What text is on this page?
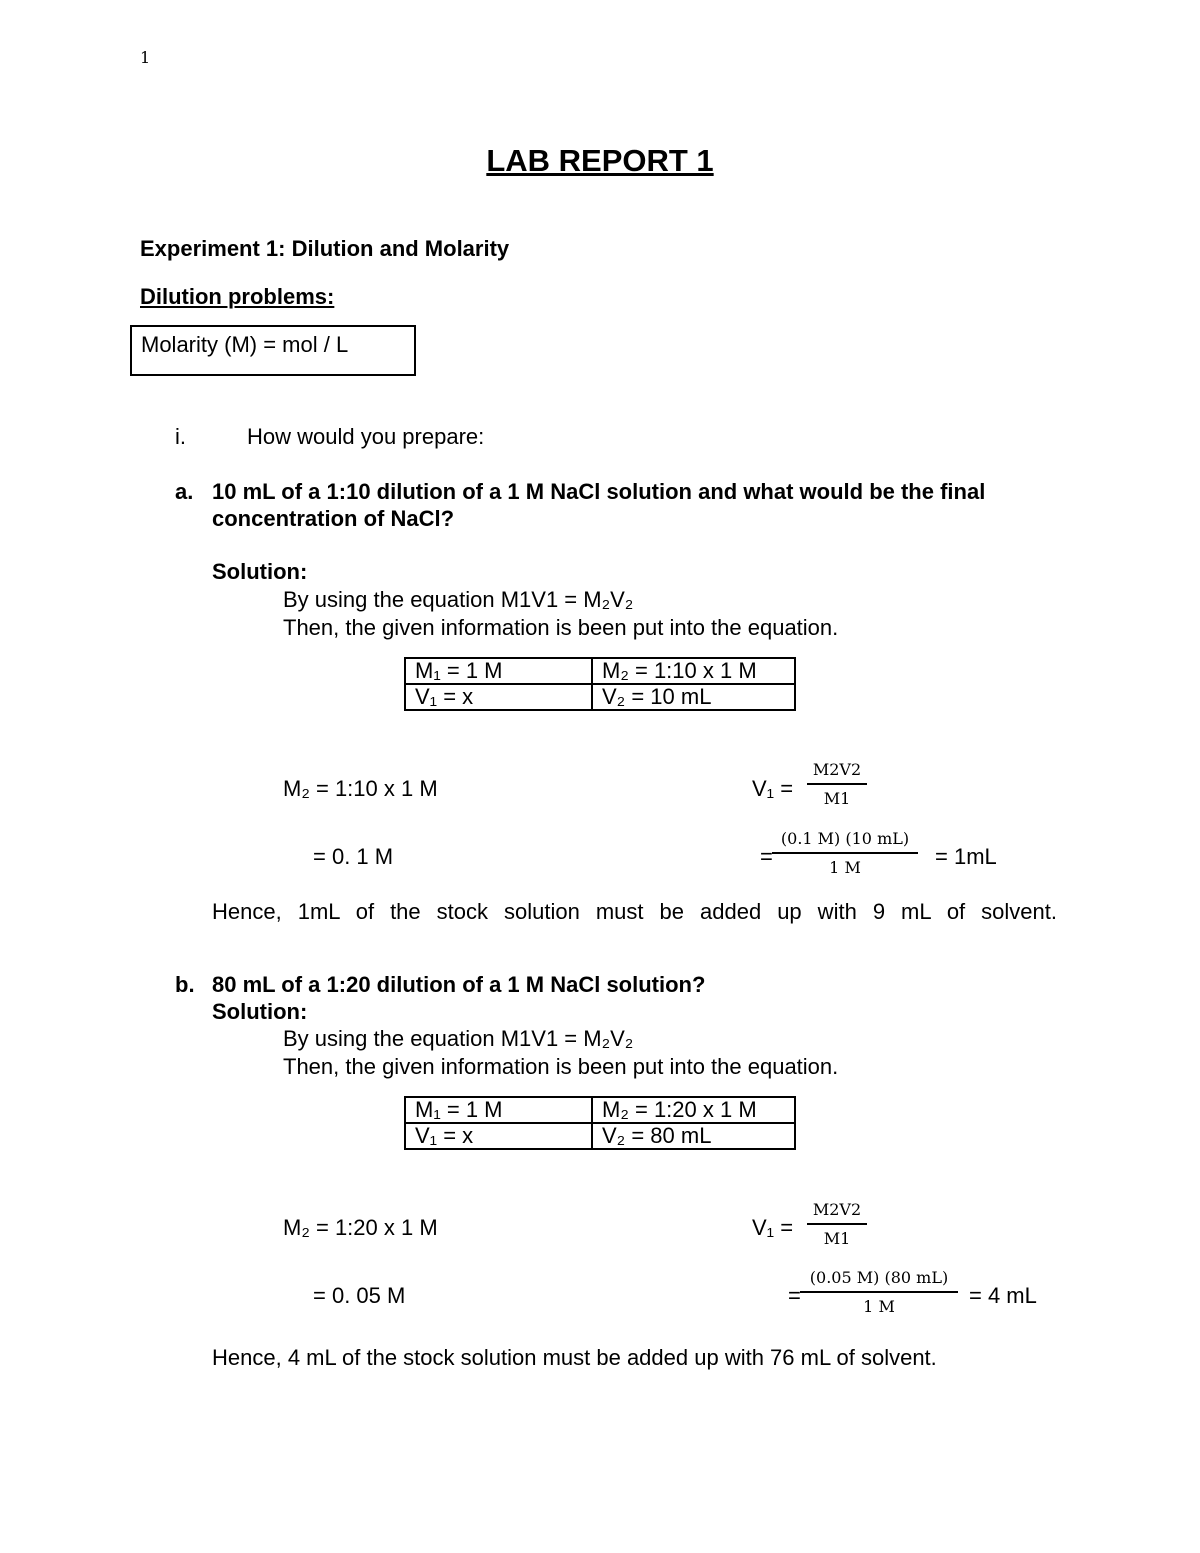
1
LAB REPORT 1
Experiment 1: Dilution and Molarity
Dilution problems:
Molarity (M) = mol / L
i.	How would you prepare:
a. 10 mL of a 1:10 dilution of a 1 M NaCl solution and what would be the final
concentration of NaCl?
Solution:
By using the equation M1V1 = M₂V₂
Then, the given information is been put into the equation.
M₁ = 1 M	M₂ = 1:10 x 1 M
V₁ = x	V₂ = 10 mL
M₂ = 1:10 x 1 M	$V_1 = \frac{M2V2}{M1}$
= 0. 1 M	= $\frac{(0.1 M) (10 mL)}{1 M} = 1mL$
Hence, 1mL of the stock solution must be added up with 9 mL of solvent.
b. 80 mL of a 1:20 dilution of a 1 M NaCl solution?
Solution:
By using the equation M1V1 = M₂V₂
Then, the given information is been put into the equation.
M₁ = 1 M	M₂ = 1:20 x 1 M
V₁ = x	V₂ = 80 mL
M₂ = 1:20 x 1 M	$V_1 = \frac{M2V2}{M1}$
= 0. 05 M	= $\frac{(0.05 M) (80 mL)}{1 M} = 4$ mL
Hence, 4 mL of the stock solution must be added up with 76 mL of solvent.
